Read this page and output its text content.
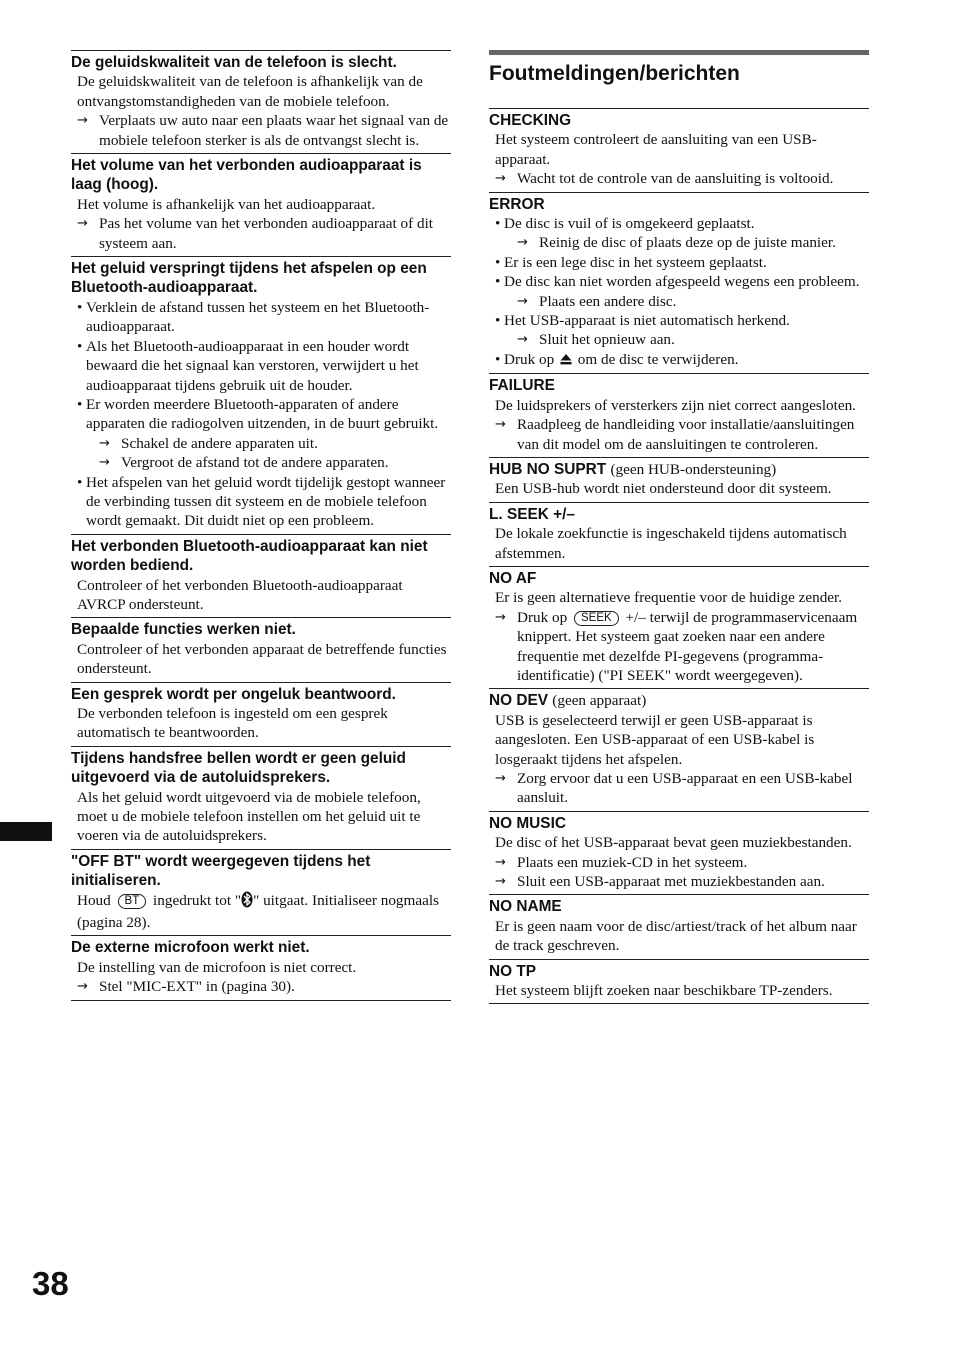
De geluidskwaliteit van de telefoon is slecht.
De geluidskwaliteit van de telefoon is afhankelijk van de ontvangstomstandigheden van de mobiele telefoon.
→ Verplaats uw auto naar een plaats waar het signaal van de mobiele telefoon sterker is als de ontvangst slecht is.
Het volume van het verbonden audioapparaat is laag (hoog).
Het volume is afhankelijk van het audioapparaat.
→ Pas het volume van het verbonden audioapparaat of dit systeem aan.
Het geluid verspringt tijdens het afspelen op een Bluetooth-audioapparaat.
• Verklein de afstand tussen het systeem en het Bluetooth-audioapparaat.
• Als het Bluetooth-audioapparaat in een houder wordt bewaard die het signaal kan verstoren, verwijdert u het audioapparaat tijdens gebruik uit de houder.
• Er worden meerdere Bluetooth-apparaten of andere apparaten die radiogolven uitzenden, in de buurt gebruikt.
→ Schakel de andere apparaten uit.
→ Vergroot de afstand tot de andere apparaten.
• Het afspelen van het geluid wordt tijdelijk gestopt wanneer de verbinding tussen dit systeem en de mobiele telefoon wordt gemaakt. Dit duidt niet op een probleem.
Het verbonden Bluetooth-audioapparaat kan niet worden bediend.
Controleer of het verbonden Bluetooth-audioapparaat AVRCP ondersteunt.
Bepaalde functies werken niet.
Controleer of het verbonden apparaat de betreffende functies ondersteunt.
Een gesprek wordt per ongeluk beantwoord.
De verbonden telefoon is ingesteld om een gesprek automatisch te beantwoorden.
Tijdens handsfree bellen wordt er geen geluid uitgevoerd via de autoluidsprekers.
Als het geluid wordt uitgevoerd via de mobiele telefoon, moet u de mobiele telefoon instellen om het geluid uit te voeren via de autoluidsprekers.
"OFF BT" wordt weergegeven tijdens het initialiseren.
Houd BT ingedrukt tot " " uitgaat. Initialiseer nogmaals (pagina 28).
De externe microfoon werkt niet.
De instelling van de microfoon is niet correct.
→ Stel "MIC-EXT" in (pagina 30).
Foutmeldingen/berichten
CHECKING
Het systeem controleert de aansluiting van een USB-apparaat.
→ Wacht tot de controle van de aansluiting is voltooid.
ERROR
• De disc is vuil of is omgekeerd geplaatst.
→ Reinig de disc of plaats deze op de juiste manier.
• Er is een lege disc in het systeem geplaatst.
• De disc kan niet worden afgespeeld wegens een probleem.
→ Plaats een andere disc.
• Het USB-apparaat is niet automatisch herkend.
→ Sluit het opnieuw aan.
• Druk op om de disc te verwijderen.
FAILURE
De luidsprekers of versterkers zijn niet correct aangesloten.
→ Raadpleeg de handleiding voor installatie/aansluitingen van dit model om de aansluitingen te controleren.
HUB NO SUPRT (geen HUB-ondersteuning)
Een USB-hub wordt niet ondersteund door dit systeem.
L. SEEK +/–
De lokale zoekfunctie is ingeschakeld tijdens automatisch afstemmen.
NO AF
Er is geen alternatieve frequentie voor de huidige zender.
→ Druk op SEEK +/– terwijl de programmaservicenaam knippert. Het systeem gaat zoeken naar een andere frequentie met dezelfde PI-gegevens (programma-identificatie) ("PI SEEK" wordt weergegeven).
NO DEV (geen apparaat)
USB is geselecteerd terwijl er geen USB-apparaat is aangesloten. Een USB-apparaat of een USB-kabel is losgeraakt tijdens het afspelen.
→ Zorg ervoor dat u een USB-apparaat en een USB-kabel aansluit.
NO MUSIC
De disc of het USB-apparaat bevat geen muziekbestanden.
→ Plaats een muziek-CD in het systeem.
→ Sluit een USB-apparaat met muziekbestanden aan.
NO NAME
Er is geen naam voor de disc/artiest/track of het album naar de track geschreven.
NO TP
Het systeem blijft zoeken naar beschikbare TP-zenders.
38
